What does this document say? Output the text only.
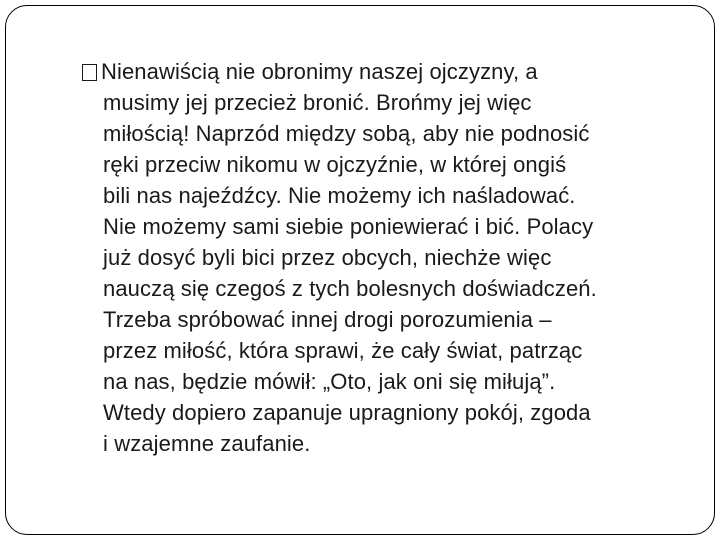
Nienawiścią nie obronimy naszej ojczyzny, a
musimy jej przecież bronić. Brońmy jej więc
miłością! Naprzód między sobą, aby nie podnosić
ręki przeciw nikomu w ojczyźnie, w której ongiś
bili nas najeźdźcy. Nie możemy ich naśladować.
Nie możemy sami siebie poniewierać i bić. Polacy
już dosyć byli bici przez obcych, niechże więc
nauczą się czegoś z tych bolesnych doświadczeń.
Trzeba spróbować innej drogi porozumienia –
przez miłość, która sprawi, że cały świat, patrząc
na nas, będzie mówił: „Oto, jak oni się miłują”.
Wtedy dopiero zapanuje upragniony pokój, zgoda
i wzajemne zaufanie.
